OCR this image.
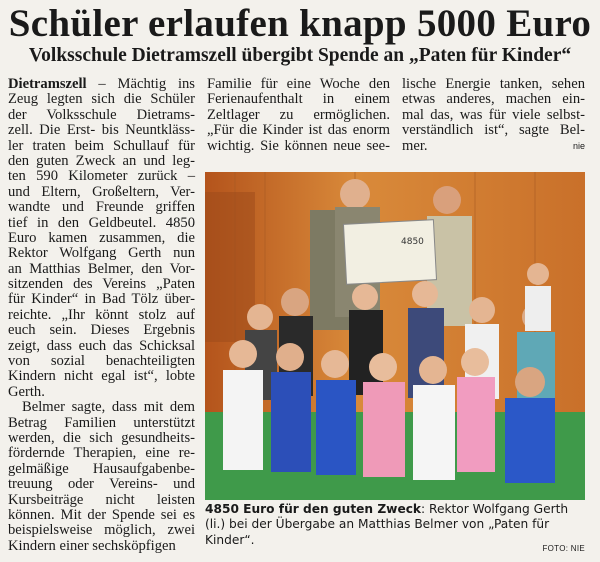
Schüler erlaufen knapp 5000 Euro
Volksschule Dietramszell übergibt Spende an „Paten für Kinder“
Dietramszell – Mächtig ins
Zeug legten sich die Schüler
der Volksschule Dietrams-
zell. Die Erst- bis Neuntkläss-
ler traten beim Schullauf für
den guten Zweck an und leg-
ten 590 Kilometer zurück –
und Eltern, Großeltern, Ver-
wandte und Freunde griffen
tief in den Geldbeutel. 4850
Euro kamen zusammen, die
Rektor Wolfgang Gerth nun
an Matthias Belmer, den Vor-
sitzenden des Vereins „Paten
für Kinder“ in Bad Tölz über-
reichte. „Ihr könnt stolz auf
euch sein. Dieses Ergebnis
zeigt, dass euch das Schicksal
von sozial benachteiligten
Kindern nicht egal ist“, lobte
Gerth.
Belmer sagte, dass mit dem
Betrag Familien unterstützt
werden, die sich gesundheits-
fördernde Therapien, eine re-
gelmäßige Hausaufgabenbe-
treuung oder Vereins- und
Kursbeiträge nicht leisten
können. Mit der Spende sei es
beispielsweise möglich, zwei
Kindern einer sechsköpfigen
Familie für eine Woche den
Ferienaufenthalt in einem
Zeltlager zu ermöglichen.
„Für die Kinder ist das enorm
wichtig. Sie können neue see-
lische Energie tanken, sehen
etwas anderes, machen ein-
mal das, was für viele selbst-
verständlich ist“, sagte Bel-
mer.	nie
4850
4850 Euro für den guten Zweck: Rektor Wolfgang Gerth (li.) bei der Übergabe an Matthias Belmer von „Paten für Kinder“.
FOTO: NIE
